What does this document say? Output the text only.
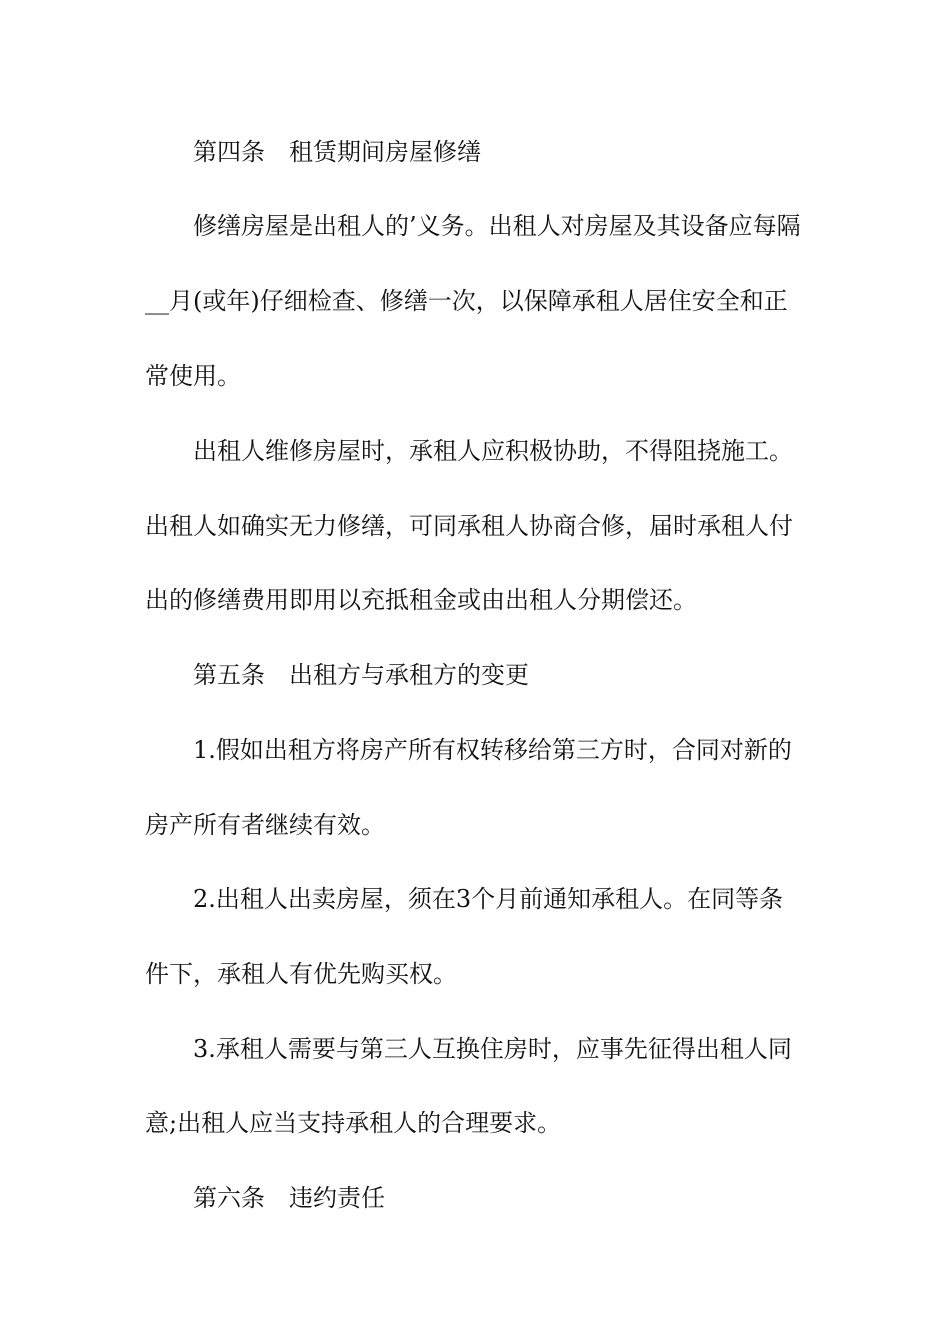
第四条　租赁期间房屋修缮
修缮房屋是出租人的’义务。出租人对房屋及其设备应每隔
__月(或年)仔细检查、修缮一次，以保障承租人居住安全和正
常使用。
出租人维修房屋时，承租人应积极协助，不得阻挠施工。
出租人如确实无力修缮，可同承租人协商合修，届时承租人付
出的修缮费用即用以充抵租金或由出租人分期偿还。
第五条　出租方与承租方的变更
1.假如出租方将房产所有权转移给第三方时，合同对新的
房产所有者继续有效。
2.出租人出卖房屋，须在3个月前通知承租人。在同等条
件下，承租人有优先购买权。
3.承租人需要与第三人互换住房时，应事先征得出租人同
意;出租人应当支持承租人的合理要求。
第六条　违约责任
